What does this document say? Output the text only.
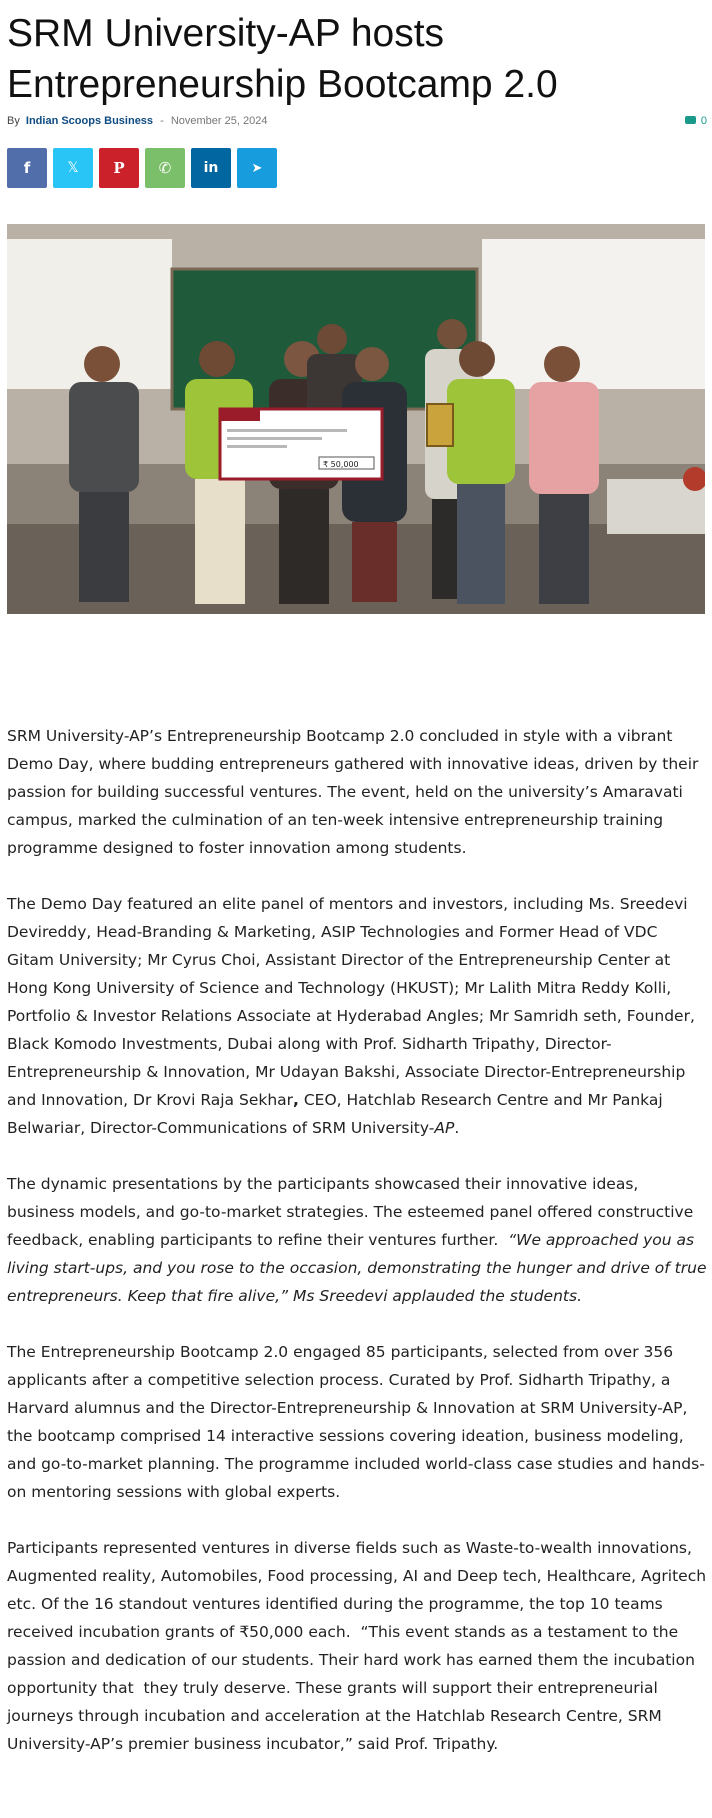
SRM University-AP hosts Entrepreneurship Bootcamp 2.0
By Indian Scoops Business - November 25, 2024	0
f	𝕏 P ✆ in	➤
₹ 50,000

SRM University-AP’s Entrepreneurship Bootcamp 2.0 concluded in style with a vibrant Demo Day, where budding entrepreneurs gathered with innovative ideas, driven by their passion for building successful ventures. The event, held on the university’s Amaravati campus, marked the culmination of an ten-week intensive entrepreneurship training programme designed to foster innovation among students.

The Demo Day featured an elite panel of mentors and investors, including Ms. Sreedevi Devireddy, Head-Branding & Marketing, ASIP Technologies and Former Head of VDC Gitam University; Mr Cyrus Choi, Assistant Director of the Entrepreneurship Center at Hong Kong University of Science and Technology (HKUST); Mr Lalith Mitra Reddy Kolli, Portfolio & Investor Relations Associate at Hyderabad Angles; Mr Samridh seth, Founder, Black Komodo Investments, Dubai along with Prof. Sidharth Tripathy, Director-Entrepreneurship & Innovation, Mr Udayan Bakshi, Associate Director-Entrepreneurship and Innovation, Dr Krovi Raja Sekhar, CEO, Hatchlab Research Centre and Mr Pankaj Belwariar, Director-Communications of SRM University-AP.

The dynamic presentations by the participants showcased their innovative ideas, business models, and go-to-market strategies. The esteemed panel offered constructive feedback, enabling participants to refine their ventures further.  “We approached you as living start-ups, and you rose to the occasion, demonstrating the hunger and drive of true entrepreneurs. Keep that fire alive,” Ms Sreedevi applauded the students.

The Entrepreneurship Bootcamp 2.0 engaged 85 participants, selected from over 356 applicants after a competitive selection process. Curated by Prof. Sidharth Tripathy, a Harvard alumnus and the Director-Entrepreneurship & Innovation at SRM University-AP, the bootcamp comprised 14 interactive sessions covering ideation, business modeling, and go-to-market planning. The programme included world-class case studies and hands-on mentoring sessions with global experts.

Participants represented ventures in diverse fields such as Waste-to-wealth innovations, Augmented reality, Automobiles, Food processing, AI and Deep tech, Healthcare, Agritech etc. Of the 16 standout ventures identified during the programme, the top 10 teams received incubation grants of ₹50,000 each.  “This event stands as a testament to the passion and dedication of our students. Their hard work has earned them the incubation opportunity that  they truly deserve. These grants will support their entrepreneurial journeys through incubation and acceleration at the Hatchlab Research Centre, SRM University-AP’s premier business incubator,” said Prof. Tripathy.
